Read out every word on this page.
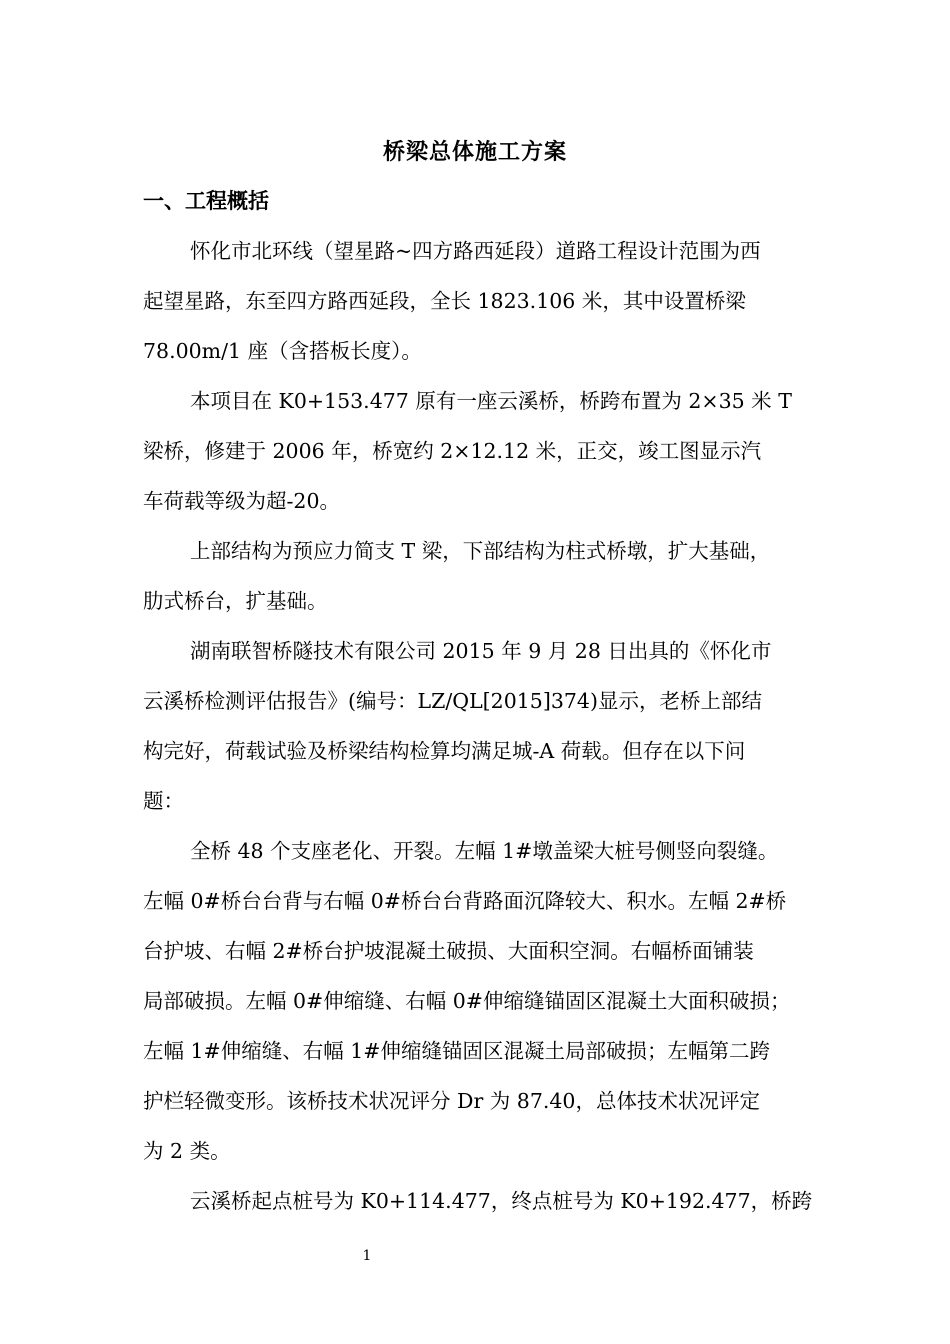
桥梁总体施工方案
一、工程概括
怀化市北环线（望星路~四方路西延段）道路工程设计范围为西
起望星路，东至四方路西延段，全长 1823.106 米，其中设置桥梁
78.00m/1 座（含搭板长度）。
本项目在 K0+153.477 原有一座云溪桥，桥跨布置为 2×35 米 T
梁桥，修建于 2006 年，桥宽约 2×12.12 米，正交，竣工图显示汽
车荷载等级为超-20。
上部结构为预应力简支 T 梁，下部结构为柱式桥墩，扩大基础，
肋式桥台，扩基础。
湖南联智桥隧技术有限公司 2015 年 9 月 28 日出具的《怀化市
云溪桥检测评估报告》(编号：LZ/QL[2015]374)显示，老桥上部结
构完好，荷载试验及桥梁结构检算均满足城-A 荷载。但存在以下问
题：
全桥 48 个支座老化、开裂。左幅 1#墩盖梁大桩号侧竖向裂缝。
左幅 0#桥台台背与右幅 0#桥台台背路面沉降较大、积水。左幅 2#桥
台护坡、右幅 2#桥台护坡混凝土破损、大面积空洞。右幅桥面铺装
局部破损。左幅 0#伸缩缝、右幅 0#伸缩缝锚固区混凝土大面积破损；
左幅 1#伸缩缝、右幅 1#伸缩缝锚固区混凝土局部破损；左幅第二跨
护栏轻微变形。该桥技术状况评分 Dr 为 87.40，总体技术状况评定
为 2 类。
云溪桥起点桩号为 K0+114.477，终点桩号为 K0+192.477，桥跨
1
